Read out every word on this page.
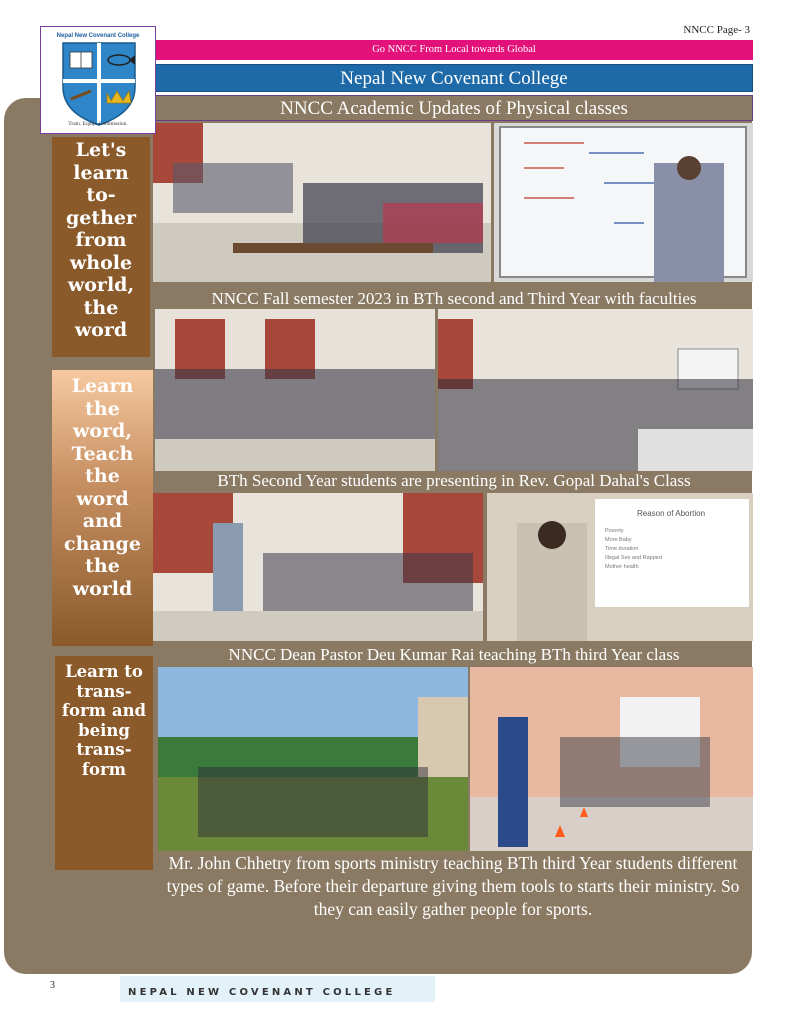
NNCC Page- 3
Nepal New Covenant College
Train. Equip. Commission.
Go NNCC From Local towards Global
Nepal New Covenant College
NNCC Academic Updates of Physical classes
Let's
learn
to-
gether
from
whole
world,
the
word
Learn
the
word,
Teach
the
word
and
change
the
world
Learn to
trans-
form and
being
trans-
form
NNCC Fall semester 2023 in BTh second and Third Year with faculties
BTh Second Year students are presenting in Rev. Gopal Dahal's Class
Reason of Abortion
Poverty
More Baby
Time duration
Illegal Sex and Rapped
Mother health
NNCC Dean Pastor Deu Kumar Rai teaching BTh third Year class
Mr. John Chhetry from sports ministry teaching BTh third Year students different types of game. Before their departure giving them tools to starts their ministry. So they can easily gather people for sports.
3
NEPAL NEW COVENANT COLLEGE
